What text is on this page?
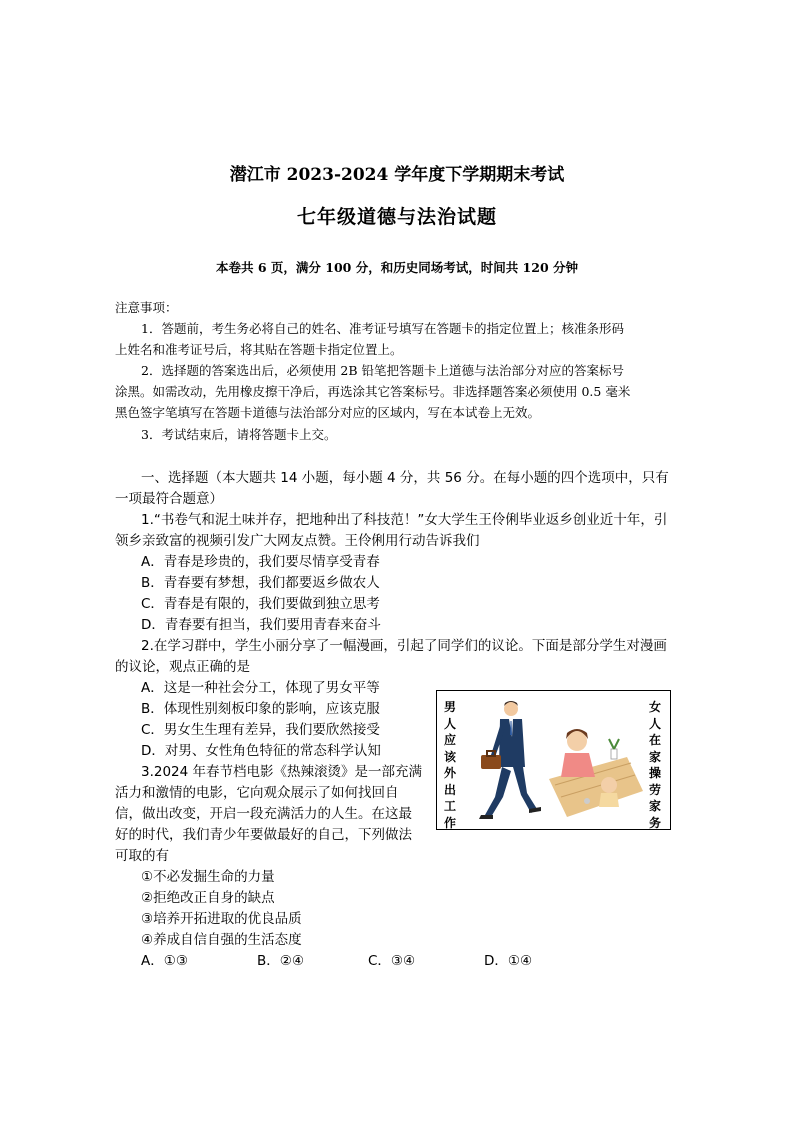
潜江市 2023-2024 学年度下学期期末考试
七年级道德与法治试题
本卷共 6 页，满分 100 分，和历史同场考试，时间共 120 分钟
注意事项：
1．答题前，考生务必将自己的姓名、准考证号填写在答题卡的指定位置上；核准条形码
上姓名和准考证号后，将其贴在答题卡指定位置上。
2．选择题的答案选出后，必须使用 2B 铅笔把答题卡上道德与法治部分对应的答案标号
涂黑。如需改动，先用橡皮擦干净后，再选涂其它答案标号。非选择题答案必须使用 0.5 毫米
黑色签字笔填写在答题卡道德与法治部分对应的区域内，写在本试卷上无效。
3．考试结束后，请将答题卡上交。
一、选择题（本大题共 14 小题，每小题 4 分，共 56 分。在每小题的四个选项中，只有
一项最符合题意）
1.“书卷气和泥土味并存，把地种出了科技范！”女大学生王伶俐毕业返乡创业近十年，引
领乡亲致富的视频引发广大网友点赞。王伶俐用行动告诉我们
A．青春是珍贵的，我们要尽情享受青春
B．青春要有梦想，我们都要返乡做农人
C．青春是有限的，我们要做到独立思考
D．青春要有担当，我们要用青春来奋斗
2.在学习群中，学生小丽分享了一幅漫画，引起了同学们的议论。下面是部分学生对漫画
的议论，观点正确的是
A．这是一种社会分工，体现了男女平等
B．体现性别刻板印象的影响，应该克服
C．男女生生理有差异，我们要欣然接受
D．对男、女性角色特征的常态科学认知
男
人
应
该
外
出
工
作
女
人
在
家
操
劳
家
务
3.2024 年春节档电影《热辣滚烫》是一部充满
活力和激情的电影，它向观众展示了如何找回自
信，做出改变，开启一段充满活力的人生。在这最
好的时代，我们青少年要做最好的自己，下列做法
可取的有
①不必发掘生命的力量
②拒绝改正自身的缺点
③培养开拓进取的优良品质
④养成自信自强的生活态度
A．①③	B．②④	C．③④	D．①④
